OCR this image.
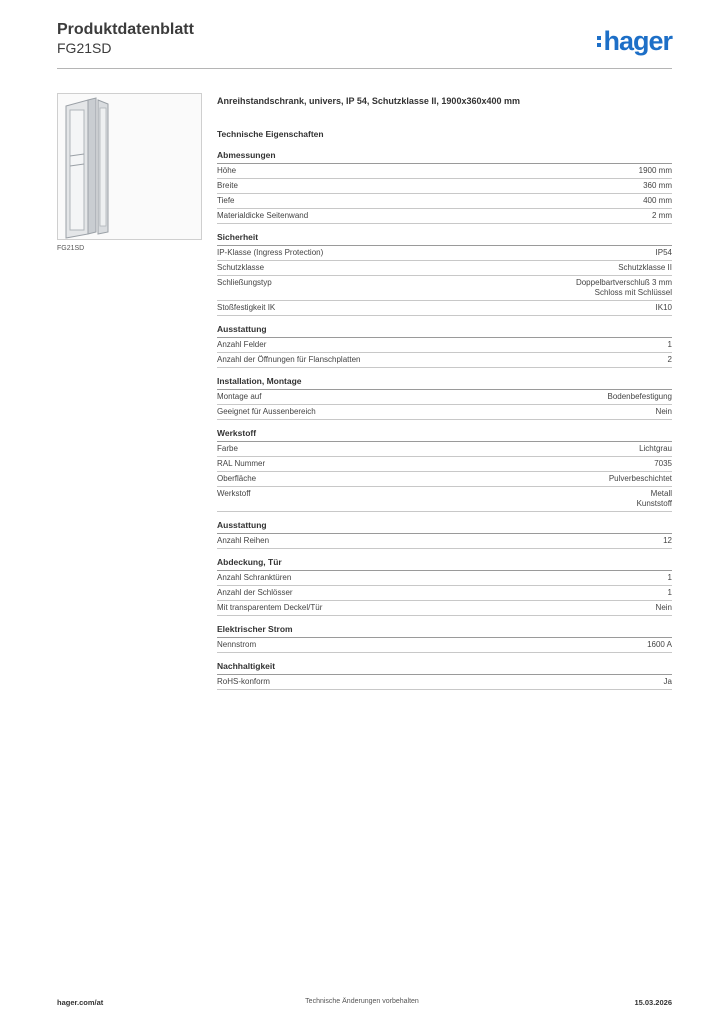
Produktdatenblatt
FG21SD	hager
FG21SD
Anreihstandschrank, univers, IP 54, Schutzklasse II, 1900x360x400 mm
Technische Eigenschaften
Abmessungen
Höhe	1900 mm
Breite	360 mm
Tiefe	400 mm
Materialdicke Seitenwand	2 mm
Sicherheit
IP-Klasse (Ingress Protection)	IP54
Schutzklasse	Schutzklasse II
Schließungstyp	Doppelbartverschluß 3 mm
Schloss mit Schlüssel
Stoßfestigkeit IK	IK10
Ausstattung
Anzahl Felder	1
Anzahl der Öffnungen für Flanschplatten	2
Installation, Montage
Montage auf	Bodenbefestigung
Geeignet für Aussenbereich	Nein
Werkstoff
Farbe	Lichtgrau
RAL Nummer	7035
Oberfläche	Pulverbeschichtet
Werkstoff	Metall
Kunststoff
Ausstattung
Anzahl Reihen	12
Abdeckung, Tür
Anzahl Schranktüren	1
Anzahl der Schlösser	1
Mit transparentem Deckel/Tür	Nein
Elektrischer Strom
Nennstrom	1600 A
Nachhaltigkeit
RoHS-konform	Ja
hager.com/at	Technische Änderungen vorbehalten	15.03.2026
